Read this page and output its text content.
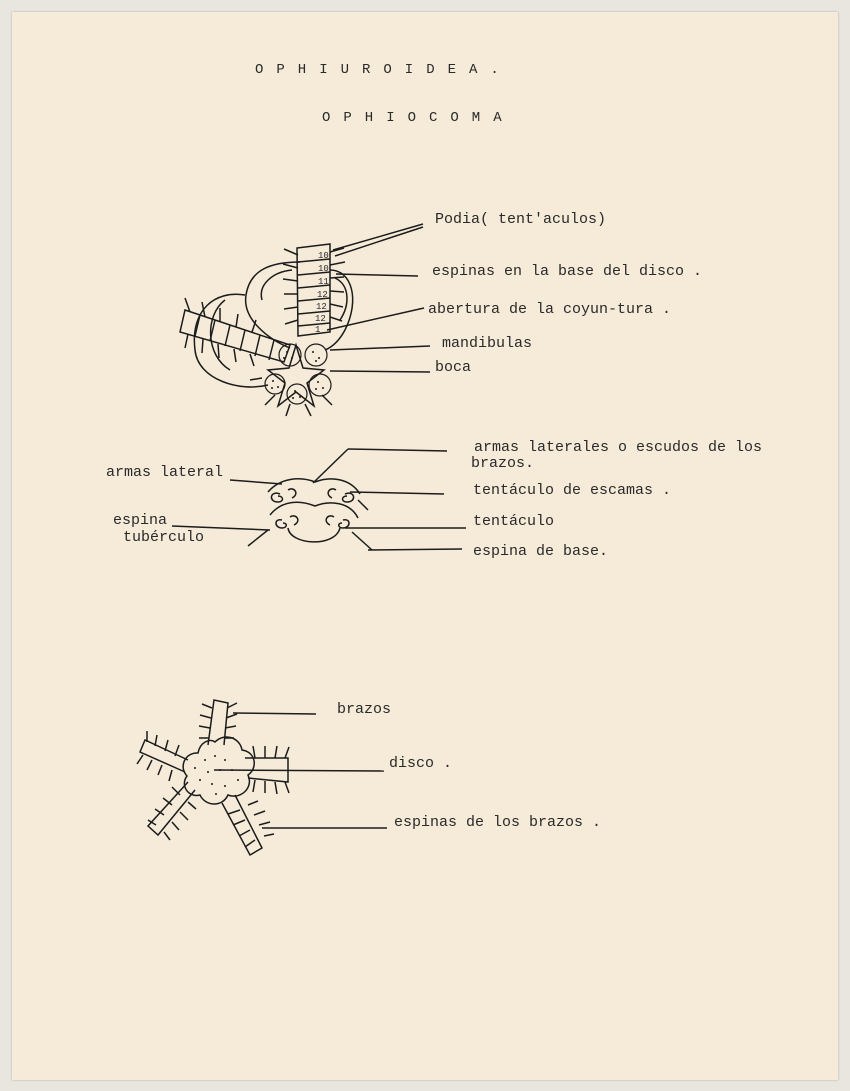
OPHIUROIDEA.
OPHIOCOMA
Podia( tent'aculos)
espinas en la base del disco .
abertura de la coyun-tura .
mandibulas
boca
10
10
11
12
12
12
1
armas laterales o escudos de los
brazos.
armas lateral
tentáculo de escamas .
espina
tubérculo
tentáculo
espina de base.
brazos
disco .
espinas de los brazos .
